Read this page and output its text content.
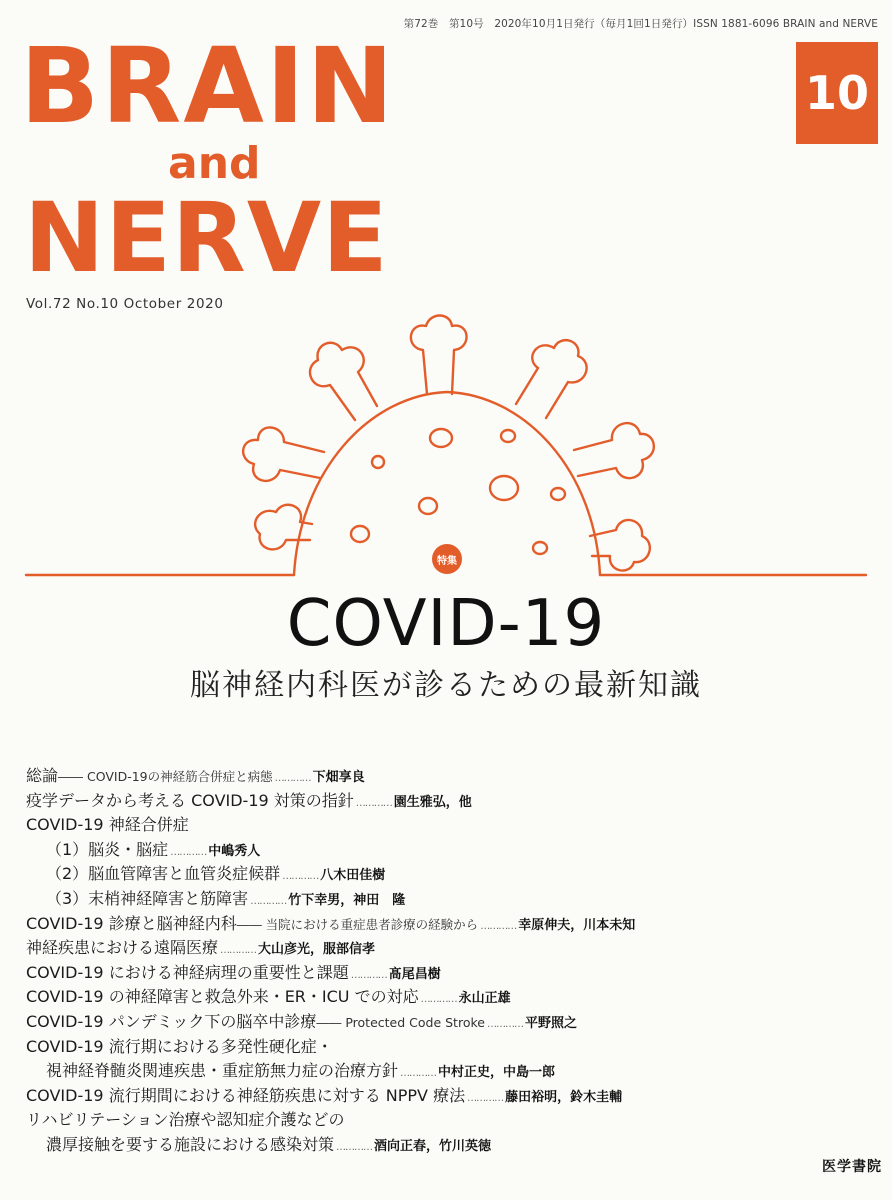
第72巻　第10号　2020年10月1日発行（毎月1回1日発行）ISSN 1881-6096 BRAIN and NERVE
BRAIN
and
NERVE
10
Vol.72 No.10 October 2020
特集
COVID-19
脳神経内科医が診るための最新知識
総論―― COVID-19の神経筋合併症と病態 ………… 下畑享良
疫学データから考える COVID-19 対策の指針 ………… 園生雅弘，他
COVID-19 神経合併症
（1）脳炎・脳症 ………… 中嶋秀人
（2）脳血管障害と血管炎症候群 ………… 八木田佳樹
（3）末梢神経障害と筋障害 ………… 竹下幸男，神田　隆
COVID-19 診療と脳神経内科―― 当院における重症患者診療の経験から ………… 幸原伸夫，川本未知
神経疾患における遠隔医療 ………… 大山彦光，服部信孝
COVID-19 における神経病理の重要性と課題 ………… 髙尾昌樹
COVID-19 の神経障害と救急外来・ER・ICU での対応 ………… 永山正雄
COVID-19 パンデミック下の脳卒中診療―― Protected Code Stroke ………… 平野照之
COVID-19 流行期における多発性硬化症・
視神経脊髄炎関連疾患・重症筋無力症の治療方針 ………… 中村正史，中島一郎
COVID-19 流行期間における神経筋疾患に対する NPPV 療法 ………… 藤田裕明，鈴木圭輔
リハビリテーション治療や認知症介護などの
濃厚接触を要する施設における感染対策 ………… 酒向正春，竹川英徳
医学書院
